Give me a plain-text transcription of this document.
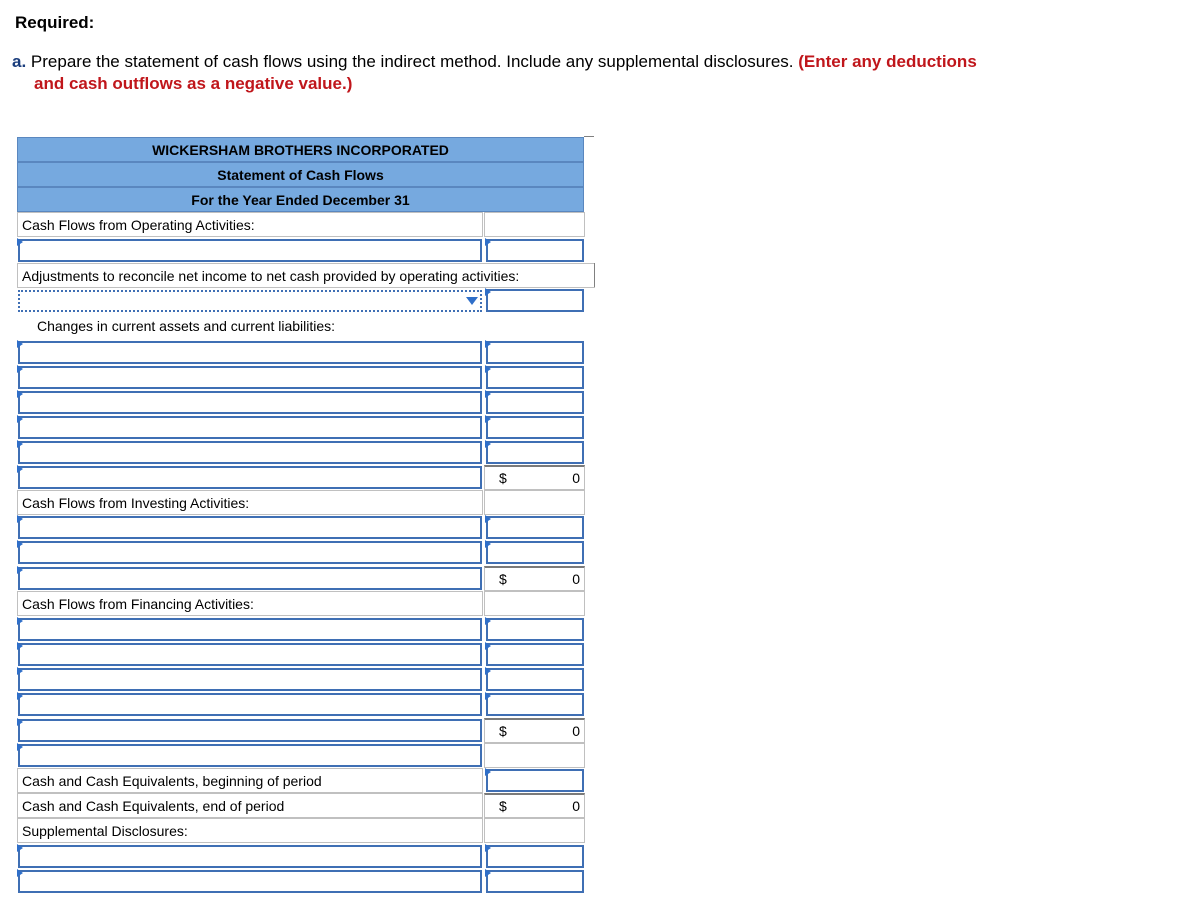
Required:
a. Prepare the statement of cash flows using the indirect method. Include any supplemental disclosures. (Enter any deductions
and cash outflows as a negative value.)
WICKERSHAM BROTHERS INCORPORATED
Statement of Cash Flows
For the Year Ended December 31
Cash Flows from Operating Activities:
Adjustments to reconcile net income to net cash provided by operating activities:
Changes in current assets and current liabilities:
$	0
Cash Flows from Investing Activities:
$	0
Cash Flows from Financing Activities:
$	0
Cash and Cash Equivalents, beginning of period
Cash and Cash Equivalents, end of period	$	0
Supplemental Disclosures:
